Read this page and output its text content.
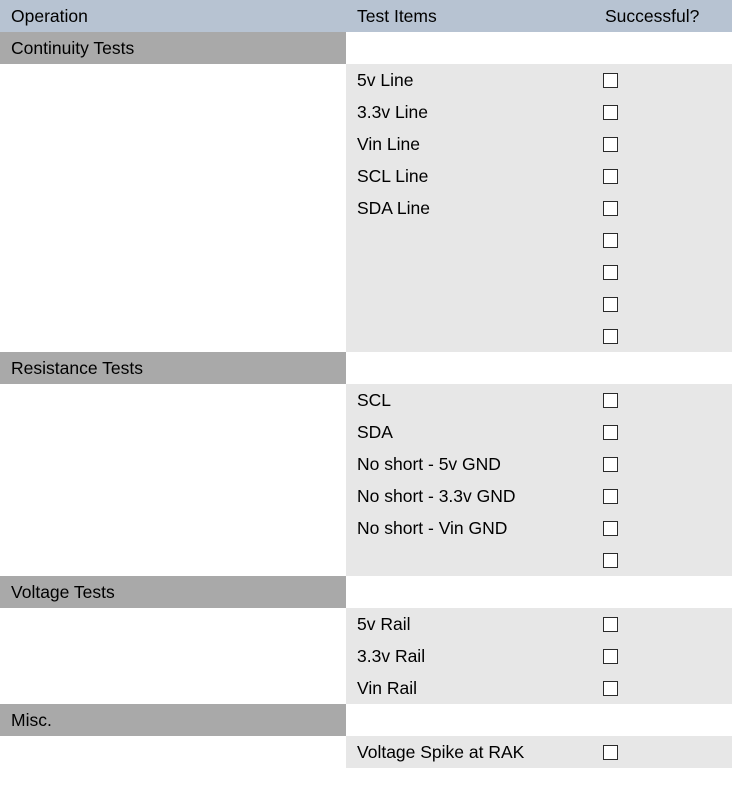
Operation	Test Items	Successful?

Continuity Tests		

	5v Line	

	3.3v Line	

	Vin Line	

	SCL Line	

	SDA Line	

Resistance Tests		

	SCL	

	SDA	

	No short - 5v GND	

	No short - 3.3v GND	

	No short - Vin GND	

Voltage Tests		

	5v Rail	

	3.3v Rail	

	Vin Rail	

Misc.		

	Voltage Spike at RAK	
